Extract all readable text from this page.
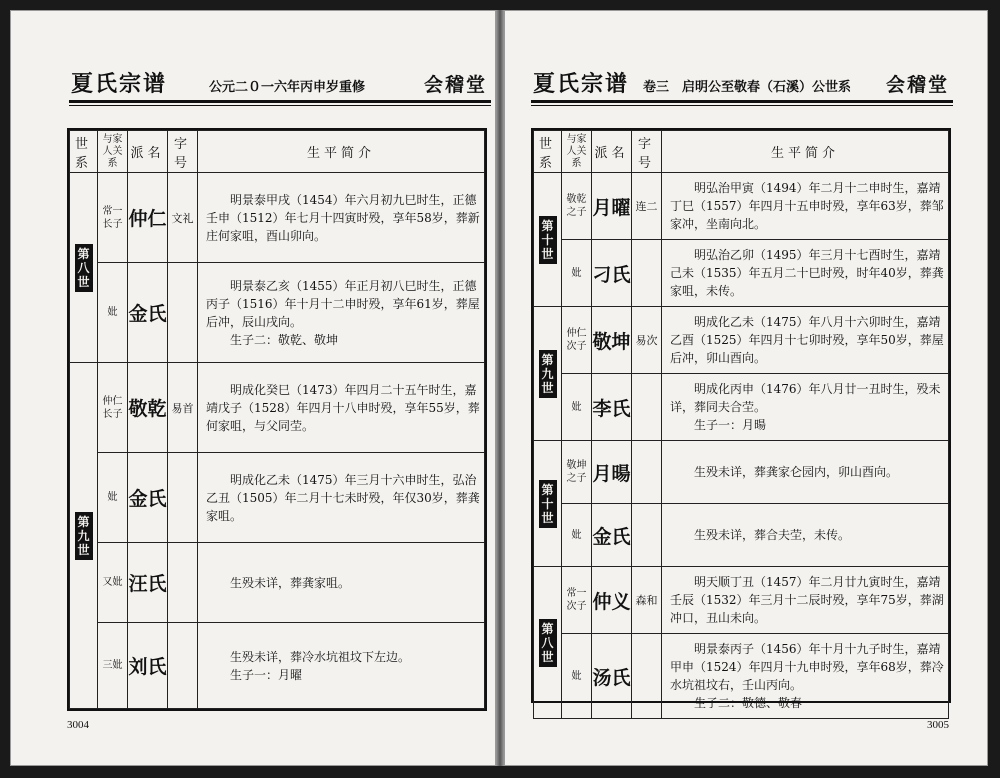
夏氏宗谱	公元二０一六年丙申岁重修	会稽堂
世系	与家人关系	派名	字号	生平简介
第八世	常一长子	仲仁	文礼	明景泰甲戌（1454）年六月初九巳时生，正德壬申（1512）年七月十四寅时殁，享年58岁，葬新庄何家咀，酉山卯向。

	妣	金氏		明景泰乙亥（1455）年正月初八巳时生，正德丙子（1516）年十月十二申时殁，享年61岁，葬屋后冲，辰山戌向。

生子二：敬乾、敬坤

第九世	仲仁长子	敬乾	易首	明成化癸巳（1473）年四月二十五午时生，嘉靖戊子（1528）年四月十八申时殁，享年55岁，葬何家咀，与父同茔。

	妣	金氏		明成化乙未（1475）年三月十六申时生，弘治乙丑（1505）年二月十七未时殁，年仅30岁，葬龚家咀。

	又妣	汪氏		生殁未详，葬龚家咀。

	三妣	刘氏		生殁未详，葬冷水坑祖坟下左边。

生子一：月曜

3004
夏氏宗谱 卷三　启明公至敬春（石溪）公世系 会稽堂
世系	与家人关系	派名	字号	生平简介
第十世	敬乾之子	月曜	连二	明弘治甲寅（1494）年二月十二申时生，嘉靖丁巳（1557）年四月十五申时殁，享年63岁，葬邹家冲，坐南向北。

	妣	刁氏		明弘治乙卯（1495）年三月十七酉时生，嘉靖己未（1535）年五月二十巳时殁，时年40岁，葬龚家咀，未传。

第九世	仲仁次子	敬坤	易次	明成化乙未（1475）年八月十六卯时生，嘉靖乙酉（1525）年四月十七卯时殁，享年50岁，葬屋后冲，卯山酉向。

	妣	李氏		明成化丙申（1476）年八月廿一丑时生，殁未详，葬同夫合茔。

生子一：月暘

第十世	敬坤之子	月暘		生殁未详，葬龚家仑园内，卯山酉向。

	妣	金氏		生殁未详，葬合夫茔，未传。

第八世	常一次子	仲义	森和	明天顺丁丑（1457）年二月廿九寅时生，嘉靖壬辰（1532）年三月十二辰时殁，享年75岁，葬湖冲口，丑山未向。

	妣	汤氏		明景泰丙子（1456）年十月十九子时生，嘉靖甲申（1524）年四月十九申时殁，享年68岁，葬冷水坑祖坟右，壬山丙向。

生子二：敬德、敬春

3005
